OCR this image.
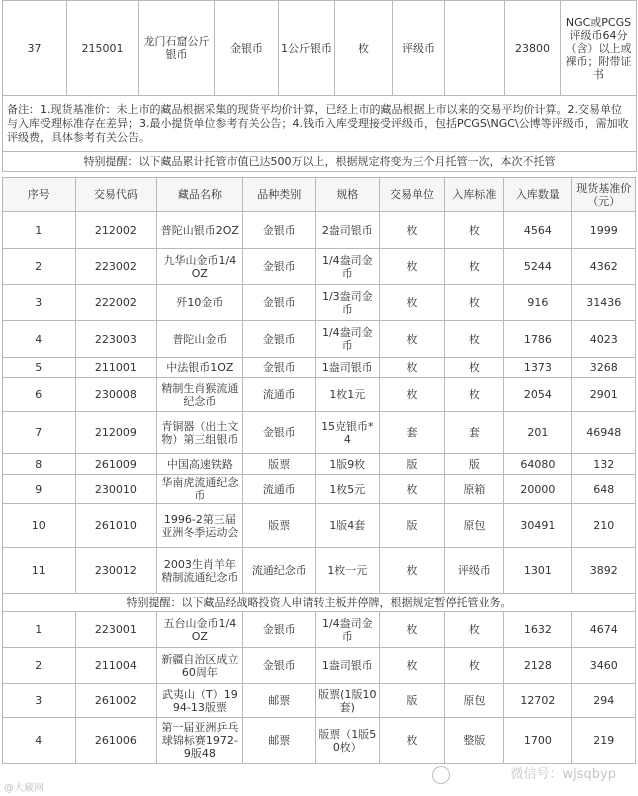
37	215001	龙门石窟公斤银币	金银币	1公斤银币	枚	评级币		23800	NGC或PCGS评级币64分（含）以上或裸币；附带证书
备注：1.现货基准价：未上市的藏品根据采集的现货平均价计算，已经上市的藏品根据上市以来的交易平均价计算。2.交易单位与入库受理标准存在差异；3.最小提货单位参考有关公告；4.钱币入库受理接受评级币，包括PCGS\NGC\公博等评级币，需加收评级费，具体参考有关公告。
特别提醒：以下藏品累计托管市值已达500万以上，根据规定将变为三个月托管一次，本次不托管
序号	交易代码	藏品名称	品种类别	规格	交易单位	入库标准	入库数量	现货基准价（元）
1	212002	普陀山银币2OZ	金银币	2盎司银币	枚	枚	4564	1999
2	223002	九华山金币1/4OZ	金银币	1/4盎司金币	枚	枚	5244	4362
3	222002	歼10金币	金银币	1/3盎司金币	枚	枚	916	31436
4	223003	普陀山金币	金银币	1/4盎司金币	枚	枚	1786	4023
5	211001	中法银币1OZ	金银币	1盎司银币	枚	枚	1373	3268
6	230008	精制生肖猴流通纪念币	流通币	1枚1元	枚	枚	2054	2901
7	212009	青铜器（出土文物）第三组银币	金银币	15克银币*4	套	套	201	46948
8	261009	中国高速铁路	版票	1版9枚	版	版	64080	132
9	230010	华南虎流通纪念币	流通币	1枚5元	枚	原箱	20000	648
10	261010	1996-2第三届亚洲冬季运动会	版票	1版4套	版	原包	30491	210
11	230012	2003生肖羊年精制流通纪念币	流通纪念币	1枚一元	枚	评级币	1301	3892
特别提醒：以下藏品经战略投资人申请转主板并停牌，根据规定暂停托管业务。								
1	223001	五台山金币1/4OZ	金银币	1/4盎司金币	枚	枚	1632	4674
2	211004	新疆自治区成立60周年	金银币	1盎司银币	枚	枚	2128	3460
3	261002	武夷山（T）1994-13版票	邮票	版票(1版10套)	版	原包	12702	294
4	261006	第一届亚洲乒乓球锦标赛1972-9版48	邮票	版票（1版50枚）	枚	整版	1700	219
微信号：wjsqbyp
@大藏网
